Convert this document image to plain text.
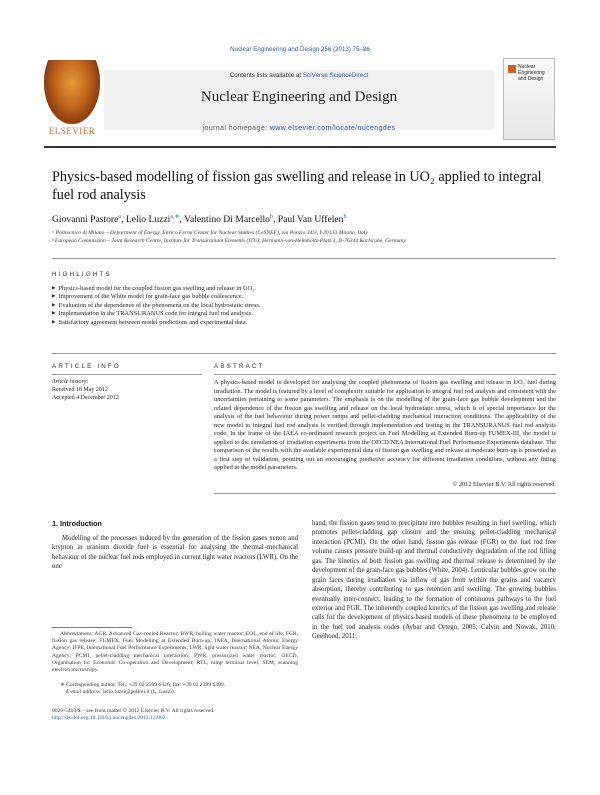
Nuclear Engineering and Design 256 (2013) 75–86
ELSEVIER
Contents lists available at SciVerse ScienceDirect
Nuclear Engineering and Design
journal homepage: www.elsevier.com/locate/nucengdes
Nuclear Engineering and Design
Physics-based modelling of fission gas swelling and release in UO₂ applied to integral fuel rod analysis
Giovanni Pastore$^a$, Lelio Luzzi$^{a,∗}$, Valentino Di Marcello$^b$, Paul Van Uffelen$^b$
ᵃ Politecnico di Milano – Department of Energy, Enrico Fermi Center for Nuclear Studies (CeSNEF), via Ponzio 34/3, I-20133 Milano, Italy
ᵇ European Commission – Joint Research Centre, Institute for Transuranium Elements (ITU), Hermann-von-Helmholtz-Platz 1, D-76344 Karlsruhe, Germany
HIGHLIGHTS
▶ Physics-based model for the coupled fission gas swelling and release in UO₂.
▶ Improvement of the White model for grain-face gas bubble coalescence.
▶ Evaluation of the dependence of the phenomena on the local hydrostatic stress.
▶ Implementation in the TRANSURANUS code for integral fuel rod analysis.
▶ Satisfactory agreement between model predictions and experimental data.
ARTICLE INFO	ABSTRACT
Article history:
Received 18 May 2012
Accepted 4 December 2012
A physics-based model is developed for analysing the coupled phenomena of fission gas swelling and release in UO₂ fuel during irradiation. The model is featured by a level of complexity suitable for application to integral fuel rod analysis and consistent with the uncertainties pertaining to some parameters. The emphasis is on the modelling of the grain-face gas bubble development and the related dependence of the fission gas swelling and release on the local hydrostatic stress, which is of special importance for the analysis of the fuel behaviour during power ramps and pellet-cladding mechanical interaction conditions. The applicability of the new model to integral fuel rod analysis is verified through implementation and testing in the TRANSURANUS fuel rod analysis code. In the frame of the IAEA co-ordinated research project on Fuel Modelling at Extended Burn-up FUMEX-III, the model is applied to the simulation of irradiation experiments from the OECD/NEA International Fuel Performance Experiments database. The comparison of the results with the available experimental data of fission gas swelling and release at moderate burn-up is presented as a first step of validation, pointing out an encouraging predictive accuracy for different irradiation conditions, without any fitting applied to the model parameters.
© 2012 Elsevier B.V. All rights reserved.
1. Introduction
Modelling of the processes induced by the generation of the fission gases xenon and krypton in uranium dioxide fuel is essential for analysing the thermal–mechanical behaviour of the nuclear fuel rods employed in current light water reactors (LWR). On the one
hand, the fission gases tend to precipitate into bubbles resulting in fuel swelling, which promotes pellet-cladding gap closure and the ensuing pellet-cladding mechanical interaction (PCMI). On the other hand, fission gas release (FGR) to the fuel rod free volume causes pressure build-up and thermal conductivity degradation of the rod filling gas. The kinetics of both fission gas swelling and thermal release is determined by the development of the grain-face gas bubbles (White, 2004). Lenticular bubbles grow on the grain faces during irradiation via inflow of gas from within the grains and vacancy absorption, thereby contributing to gas retention and swelling. The growing bubbles eventually inter-connect, leading to the formation of continuous pathways to the fuel exterior and FGR. The inherently coupled kinetics of the fission gas swelling and release calls for the development of physics-based models of these phenomena to be employed in the fuel rod analysis codes (Aybar and Ortego, 2005; Calvin and Nowak, 2010; Geelhood, 2011;
Abbreviations: AGR, Advanced Gas-cooled Reactor; BWR, boiling water reactor; EOL, end of life; FGR, fission gas release; FUMEX, Fuel Modelling at Extended Burn-up; IAEA, International Atomic Energy Agency; IFPE, International Fuel Performance Experiments; LWR, light water reactor; NEA, Nuclear Energy Agency; PCMI, pellet-cladding mechanical interaction; PWR, pressurized water reactor; OECD, Organisation for Economic Co-operation and Development; RTL, ramp terminal level; SEM, scanning electron microscopy.
∗ Corresponding author. Tel.: +39 02 2399 6326; fax: +39 02 2399 6309.
E-mail address: lelio.luzzi@polimi.it (L. Luzzi).
0029-5493/$ – see front matter © 2012 Elsevier B.V. All rights reserved.
http://dx.doi.org/10.1016/j.nucengdes.2012.12.002
